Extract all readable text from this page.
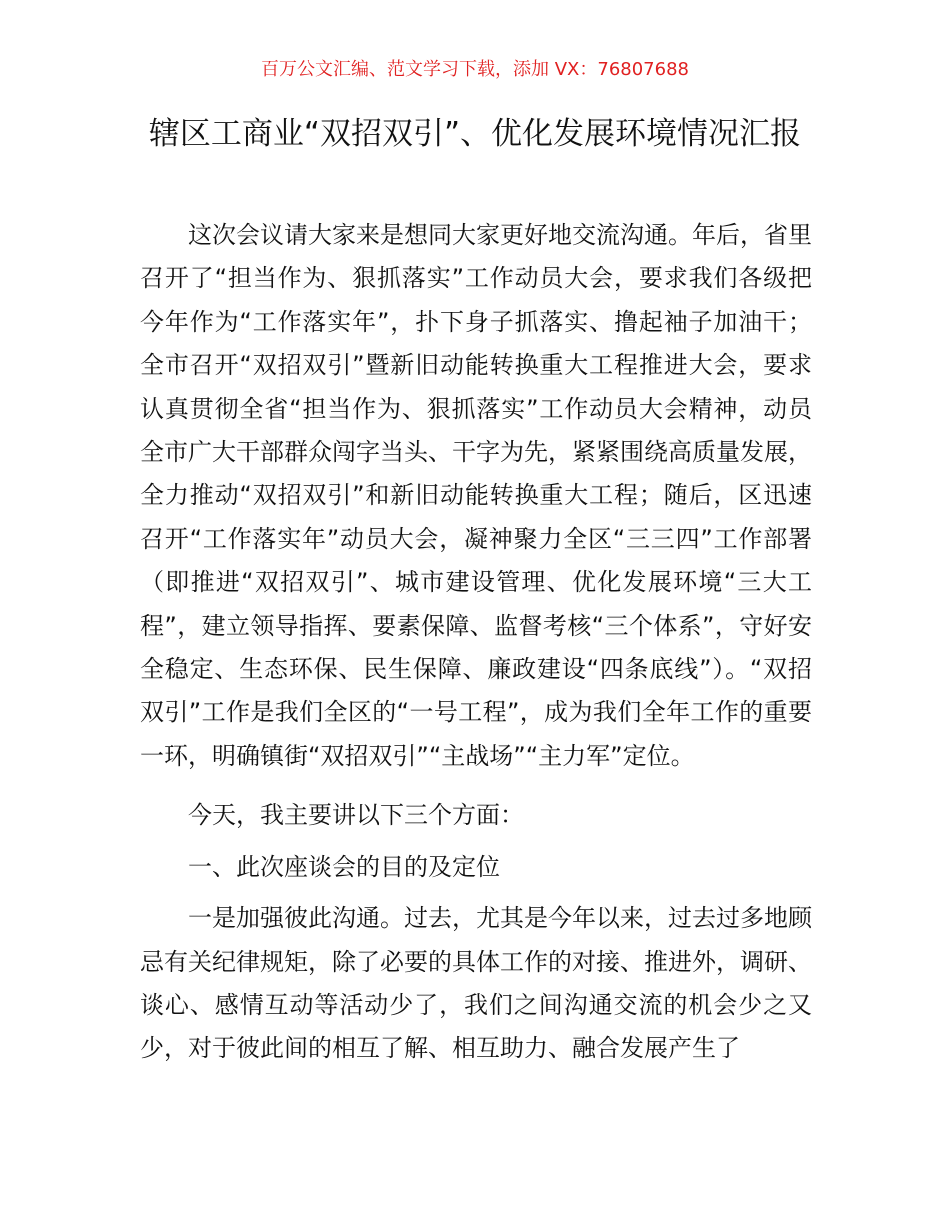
百万公文汇编、范文学习下载，添加 VX：76807688
辖区工商业“双招双引”、优化发展环境情况汇报

这次会议请大家来是想同大家更好地交流沟通。年后，省里召开了“担当作为、狠抓落实”工作动员大会，要求我们各级把今年作为“工作落实年”，扑下身子抓落实、撸起袖子加油干；全市召开“双招双引”暨新旧动能转换重大工程推进大会，要求认真贯彻全省“担当作为、狠抓落实”工作动员大会精神，动员全市广大干部群众闯字当头、干字为先，紧紧围绕高质量发展，全力推动“双招双引”和新旧动能转换重大工程；随后，区迅速召开“工作落实年”动员大会，凝神聚力全区“三三四”工作部署（即推进“双招双引”、城市建设管理、优化发展环境“三大工程”，建立领导指挥、要素保障、监督考核“三个体系”，守好安全稳定、生态环保、民生保障、廉政建设“四条底线”）。“双招双引”工作是我们全区的“一号工程”，成为我们全年工作的重要一环，明确镇街“双招双引”“主战场”“主力军”定位。

今天，我主要讲以下三个方面：

一、此次座谈会的目的及定位

一是加强彼此沟通。过去，尤其是今年以来，过去过多地顾忌有关纪律规矩，除了必要的具体工作的对接、推进外，调研、谈心、感情互动等活动少了，我们之间沟通交流的机会少之又少，对于彼此间的相互了解、相互助力、融合发展产生了
